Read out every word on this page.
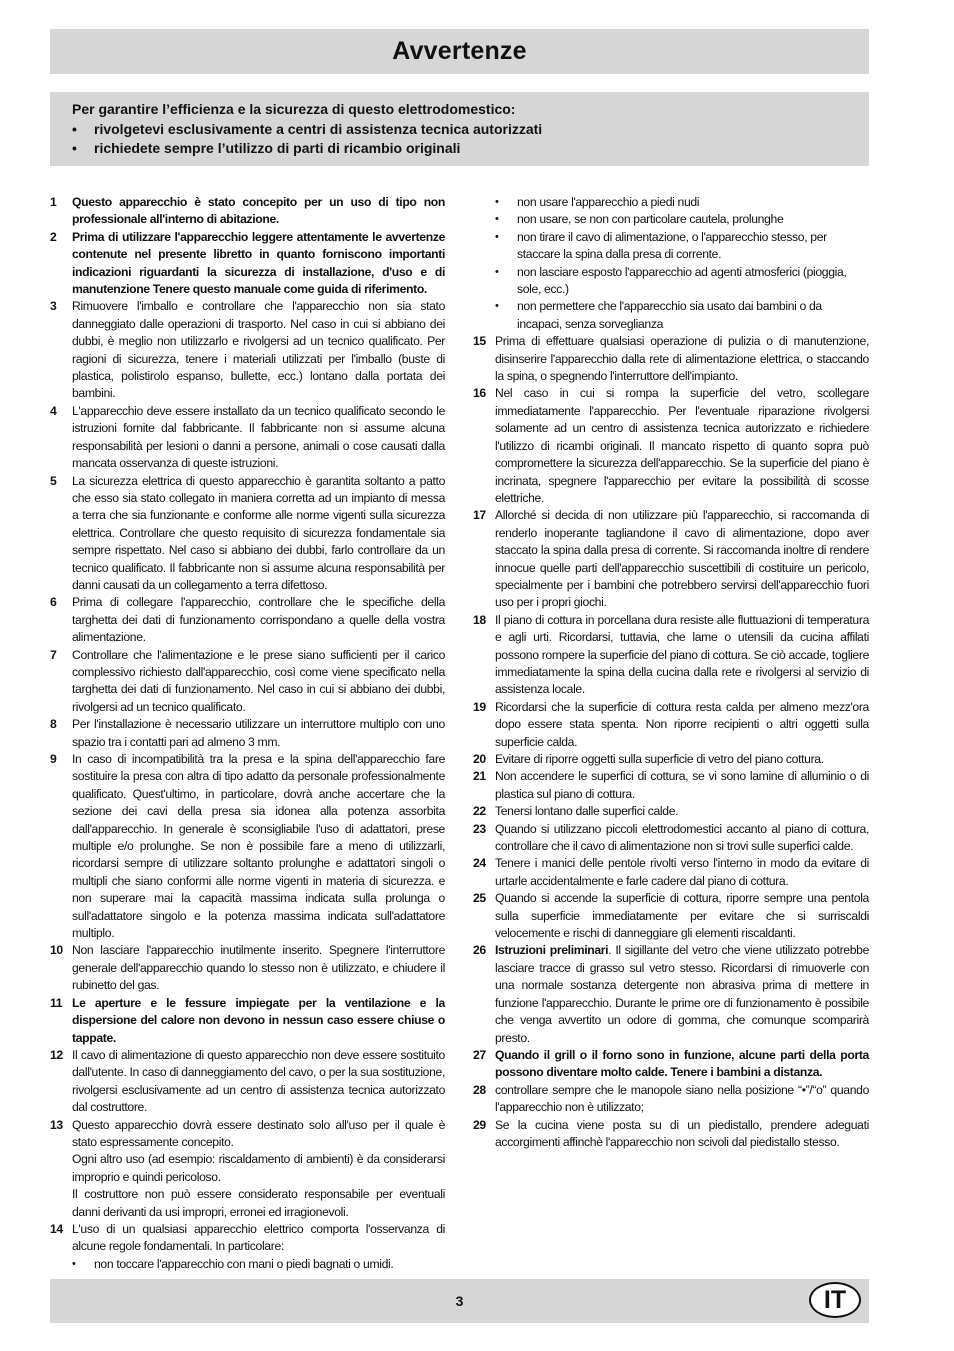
Avvertenze
Per garantire l’efficienza e la sicurezza di questo elettrodomestico:
•	rivolgetevi esclusivamente a centri di assistenza tecnica autorizzati
•	richiedete sempre l’utilizzo di parti di ricambio originali
1	Questo apparecchio è stato concepito per un uso di tipo non professionale all'interno di abitazione.
2	Prima di utilizzare l'apparecchio leggere attentamente le avvertenze contenute nel presente libretto in quanto forniscono importanti indicazioni riguardanti la sicurezza di installazione, d'uso e di manutenzione Tenere questo manuale come guida di riferimento.
3	Rimuovere l'imballo e controllare che l'apparecchio non sia stato danneggiato dalle operazioni di trasporto. Nel caso in cui si abbiano dei dubbi, è meglio non utilizzarlo e rivolgersi ad un tecnico qualificato. Per ragioni di sicurezza, tenere i materiali utilizzati per l'imballo (buste di plastica, polistirolo espanso, bullette, ecc.) lontano dalla portata dei bambini.
4	L'apparecchio deve essere installato da un tecnico qualificato secondo le istruzioni fornite dal fabbricante. Il fabbricante non si assume alcuna responsabilità per lesioni o danni a persone, animali o cose causati dalla mancata osservanza di queste istruzioni.
5	La sicurezza elettrica di questo apparecchio è garantita soltanto a patto che esso sia stato collegato in maniera corretta ad un impianto di messa a terra che sia funzionante e conforme alle norme vigenti sulla sicurezza elettrica. Controllare che questo requisito di sicurezza fondamentale sia sempre rispettato. Nel caso si abbiano dei dubbi, farlo controllare da un tecnico qualificato. Il fabbricante non si assume alcuna responsabilità per danni causati da un collegamento a terra difettoso.
6	Prima di collegare l'apparecchio, controllare che le specifiche della targhetta dei dati di funzionamento corrispondano a quelle della vostra alimentazione.
7	Controllare che l'alimentazione e le prese siano sufficienti per il carico complessivo richiesto dall'apparecchio, così come viene specificato nella targhetta dei dati di funzionamento. Nel caso in cui si abbiano dei dubbi, rivolgersi ad un tecnico qualificato.
8	Per l'installazione è necessario utilizzare un interruttore multiplo con uno spazio tra i contatti pari ad almeno 3 mm.
9	In caso di incompatibilità tra la presa e la spina dell'apparecchio fare sostituire la presa con altra di tipo adatto da personale professionalmente qualificato. Quest'ultimo, in particolare, dovrà anche accertare che la sezione dei cavi della presa sia idonea alla potenza assorbita dall'apparecchio. In generale è sconsigliabile l'uso di adattatori, prese multiple e/o prolunghe. Se non è possibile fare a meno di utilizzarli, ricordarsi sempre di utilizzare soltanto prolunghe e adattatori singoli o multipli che siano conformi alle norme vigenti in materia di sicurezza. e non superare mai la capacità massima indicata sulla prolunga o sull'adattatore singolo e la potenza massima indicata sull'adattatore multiplo.
10 Non lasciare l'apparecchio inutilmente inserito. Spegnere l'interruttore generale dell'apparecchio quando lo stesso non è utilizzato, e chiudere il rubinetto del gas.
11 Le aperture e le fessure impiegate per la ventilazione e la dispersione del calore non devono in nessun caso essere chiuse o tappate.
12 Il cavo di alimentazione di questo apparecchio non deve essere sostituito dall'utente. In caso di danneggiamento del cavo, o per la sua sostituzione, rivolgersi esclusivamente ad un centro di assistenza tecnica autorizzato dal costruttore.
13 Questo apparecchio dovrà essere destinato solo all'uso per il quale è stato espressamente concepito.
Ogni altro uso (ad esempio: riscaldamento di ambienti) è da considerarsi improprio e quindi pericoloso.
Il costruttore non può essere considerato responsabile per eventuali danni derivanti da usi impropri, erronei ed irragionevoli.
14 L'uso di un qualsiasi apparecchio elettrico comporta l'osservanza di alcune regole fondamentali. In particolare:
•	non toccare l'apparecchio con mani o piedi bagnati o umidi.
•	non usare l'apparecchio a piedi nudi
•	non usare, se non con particolare cautela, prolunghe
•	non tirare il cavo di alimentazione, o l'apparecchio stesso, per staccare la spina dalla presa di corrente.
•	non lasciare esposto l'apparecchio ad agenti atmosferici (pioggia, sole, ecc.)
•	non permettere che l'apparecchio sia usato dai bambini o da incapaci, senza sorveglianza
15 Prima di effettuare qualsiasi operazione di pulizia o di manutenzione, disinserire l'apparecchio dalla rete di alimentazione elettrica, o staccando la spina, o spegnendo l'interruttore dell'impianto.
16 Nel caso in cui si rompa la superficie del vetro, scollegare immediatamente l'apparecchio. Per l'eventuale riparazione rivolgersi solamente ad un centro di assistenza tecnica autorizzato e richiedere l'utilizzo di ricambi originali. Il mancato rispetto di quanto sopra può compromettere la sicurezza dell'apparecchio. Se la superficie del piano è incrinata, spegnere l'apparecchio per evitare la possibilità di scosse elettriche.
17 Allorché si decida di non utilizzare più l'apparecchio, si raccomanda di renderlo inoperante tagliandone il cavo di alimentazione, dopo aver staccato la spina dalla presa di corrente. Si raccomanda inoltre di rendere innocue quelle parti dell'apparecchio suscettibili di costituire un pericolo, specialmente per i bambini che potrebbero servirsi dell'apparecchio fuori uso per i propri giochi.
18 Il piano di cottura in porcellana dura resiste alle fluttuazioni di temperatura e agli urti. Ricordarsi, tuttavia, che lame o utensili da cucina affilati possono rompere la superficie del piano di cottura. Se ciò accade, togliere immediatamente la spina della cucina dalla rete e rivolgersi al servizio di assistenza locale.
19 Ricordarsi che la superficie di cottura resta calda per almeno mezz'ora dopo essere stata spenta. Non riporre recipienti o altri oggetti sulla superficie calda.
20 Evitare di riporre oggetti sulla superficie di vetro del piano cottura.
21 Non accendere le superfici di cottura, se vi sono lamine di alluminio o di plastica sul piano di cottura.
22 Tenersi lontano dalle superfici calde.
23 Quando si utilizzano piccoli elettrodomestici accanto al piano di cottura, controllare che il cavo di alimentazione non si trovi sulle superfici calde.
24 Tenere i manici delle pentole rivolti verso l'interno in modo da evitare di urtarle accidentalmente e farle cadere dal piano di cottura.
25 Quando si accende la superficie di cottura, riporre sempre una pentola sulla superficie immediatamente per evitare che si surriscaldi velocemente e rischi di danneggiare gli elementi riscaldanti.
26 Istruzioni preliminari. Il sigillante del vetro che viene utilizzato potrebbe lasciare tracce di grasso sul vetro stesso. Ricordarsi di rimuoverle con una normale sostanza detergente non abrasiva prima di mettere in funzione l'apparecchio. Durante le prime ore di funzionamento è possibile che venga avvertito un odore di gomma, che comunque scomparirà presto.
27 Quando il grill o il forno sono in funzione, alcune parti della porta possono diventare molto calde. Tenere i bambini a distanza.
28 controllare sempre che le manopole siano nella posizione “•”/“o” quando l'apparecchio non è utilizzato;
29 Se la cucina viene posta su di un piedistallo, prendere adeguati accorgimenti affinchè l'apparecchio non scivoli dal piedistallo stesso.
3	IT
